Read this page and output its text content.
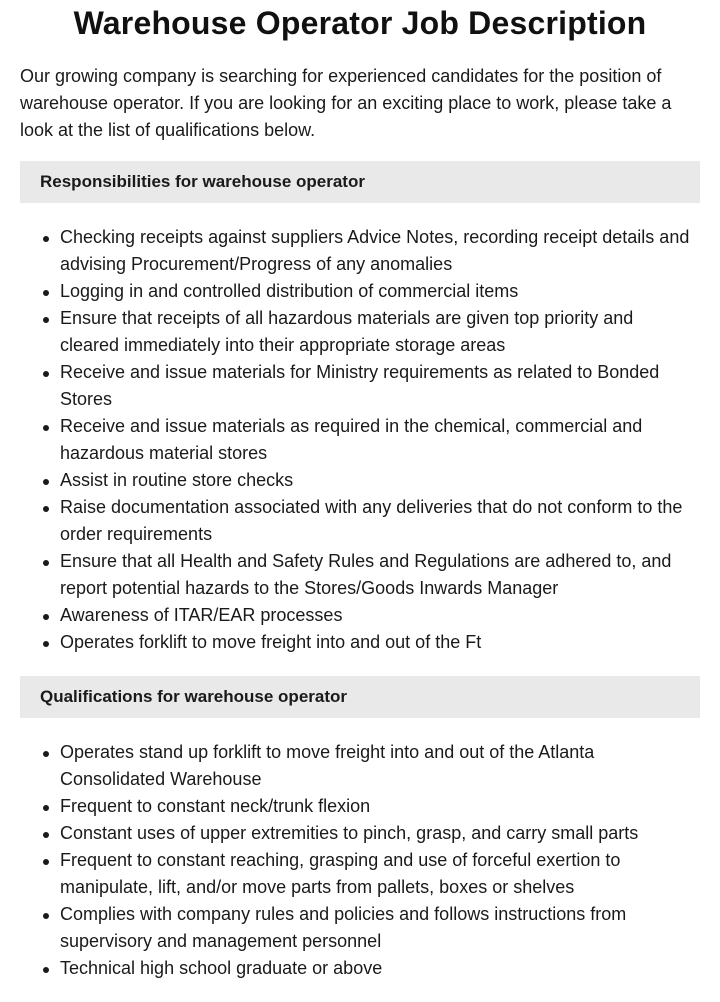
Warehouse Operator Job Description

Our growing company is searching for experienced candidates for the position of warehouse operator. If you are looking for an exciting place to work, please take a look at the list of qualifications below.

Responsibilities for warehouse operator
Checking receipts against suppliers Advice Notes, recording receipt details and advising Procurement/Progress of any anomalies
Logging in and controlled distribution of commercial items
Ensure that receipts of all hazardous materials are given top priority and cleared immediately into their appropriate storage areas
Receive and issue materials for Ministry requirements as related to Bonded Stores
Receive and issue materials as required in the chemical, commercial and hazardous material stores
Assist in routine store checks
Raise documentation associated with any deliveries that do not conform to the order requirements
Ensure that all Health and Safety Rules and Regulations are adhered to, and report potential hazards to the Stores/Goods Inwards Manager
Awareness of ITAR/EAR processes
Operates forklift to move freight into and out of the Ft
Qualifications for warehouse operator
Operates stand up forklift to move freight into and out of the Atlanta Consolidated Warehouse
Frequent to constant neck/trunk flexion
Constant uses of upper extremities to pinch, grasp, and carry small parts
Frequent to constant reaching, grasping and use of forceful exertion to manipulate, lift, and/or move parts from pallets, boxes or shelves
Complies with company rules and policies and follows instructions from supervisory and management personnel
Technical high school graduate or above
